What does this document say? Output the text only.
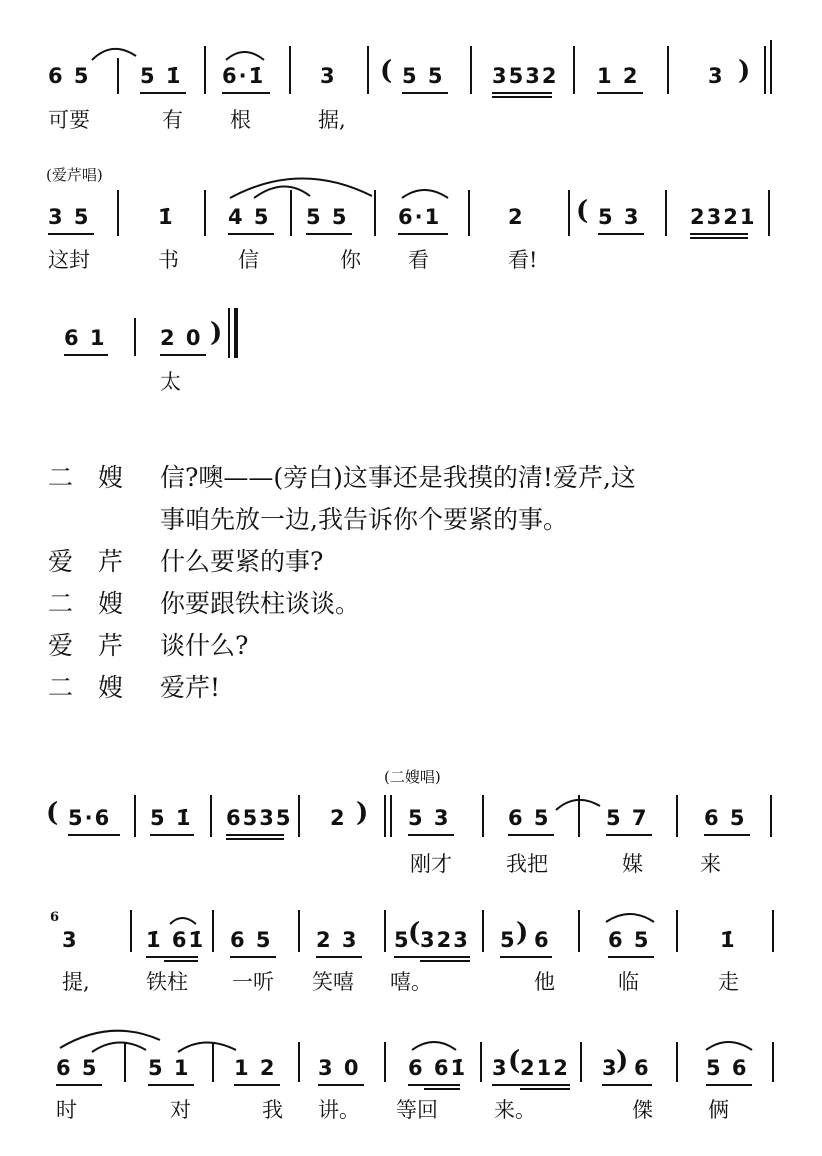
6 5 5 1̇ 6·1̇	3 ( 5 5 3532 1 2	3 )
可要	有 根	据,
(爱芹唱)
3 5	1̇	4 5 5 5 6·1	2 ( 5 3 2321
这封	书	信	你 看	看!
6 1	2 0 )
太
二　嫂 信?噢——(旁白)这事还是我摸的清!爱芹,这
事咱先放一边,我告诉你个要紧的事。
爱　芹 什么要紧的事?
二　嫂 你要跟铁柱谈谈。
爱　芹 谈什么?
二　嫂 爱芹!
(二嫂唱)
( 5·6 5 1̇ 6535 2 ) 5 3	6 5	5 7	6 5
刚才	我把	媒	来
6
3	1̇ 61̇ 6 5 2 3 5
( 323 5 ) 6	6 5	1̇
提,	铁柱 一听 笑嘻 嘻。	他	临	走
6 5 5 1 1 2 3 0 6 61̇ 3 ( 212 3
) 6	5 6
时	对	我 讲。 等回	来。	傑	俩
